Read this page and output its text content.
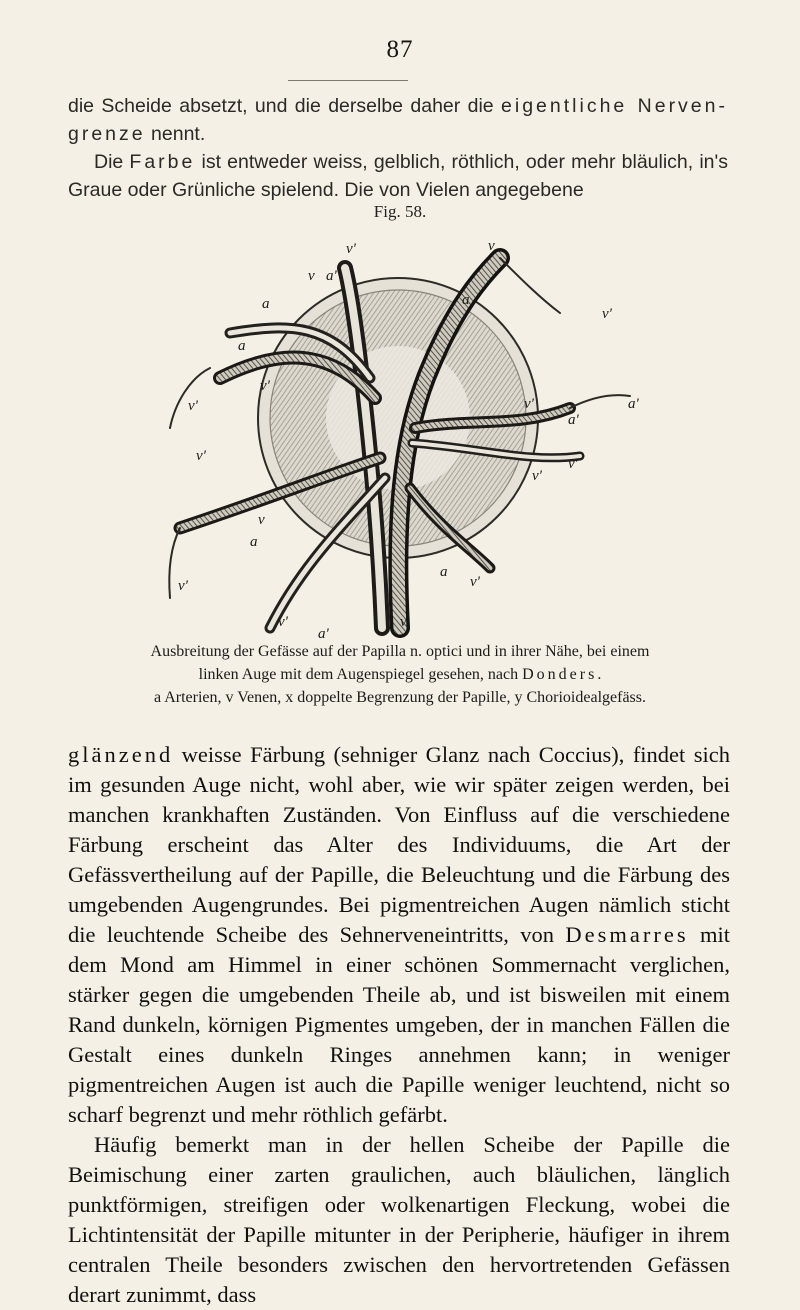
87

die Scheide absetzt, und die derselbe daher die eigentliche Nerven-grenze nennt.

Die Farbe ist entweder weiss, gelblich, röthlich, oder mehr bläulich, in's Graue oder Grünliche spielend. Die von Vielen angegebene

Fig. 58.
v'	v
v a'
a	a
v'
a
v'
v'	a'
v'
a'
v'	v'
v'
v
a
v'
a
v'
v'	v
a'
Ausbreitung der Gefässe auf der Papilla n. optici und in ihrer Nähe, bei einem
linken Auge mit dem Augenspiegel gesehen, nach Donders.
a Arterien, v Venen, x doppelte Begrenzung der Papille, y Chorioidealgefäss.

glänzend weisse Färbung (sehniger Glanz nach Coccius), findet sich im gesunden Auge nicht, wohl aber, wie wir später zeigen werden, bei manchen krankhaften Zuständen. Von Einfluss auf die verschiedene Färbung erscheint das Alter des Individuums, die Art der Gefässvertheilung auf der Papille, die Beleuchtung und die Färbung des umgebenden Augengrundes. Bei pigmentreichen Augen nämlich sticht die leuchtende Scheibe des Sehnerveneintritts, von Desmarres mit dem Mond am Himmel in einer schönen Sommernacht verglichen, stärker gegen die umgebenden Theile ab, und ist bisweilen mit einem Rand dunkeln, körnigen Pigmentes umgeben, der in manchen Fällen die Gestalt eines dunkeln Ringes annehmen kann; in weniger pigmentreichen Augen ist auch die Papille weniger leuchtend, nicht so scharf begrenzt und mehr röthlich gefärbt.

Häufig bemerkt man in der hellen Scheibe der Papille die Beimischung einer zarten graulichen, auch bläulichen, länglich punktförmigen, streifigen oder wolkenartigen Fleckung, wobei die Lichtintensität der Papille mitunter in der Peripherie, häufiger in ihrem centralen Theile besonders zwischen den hervortretenden Gefässen derart zunimmt, dass
